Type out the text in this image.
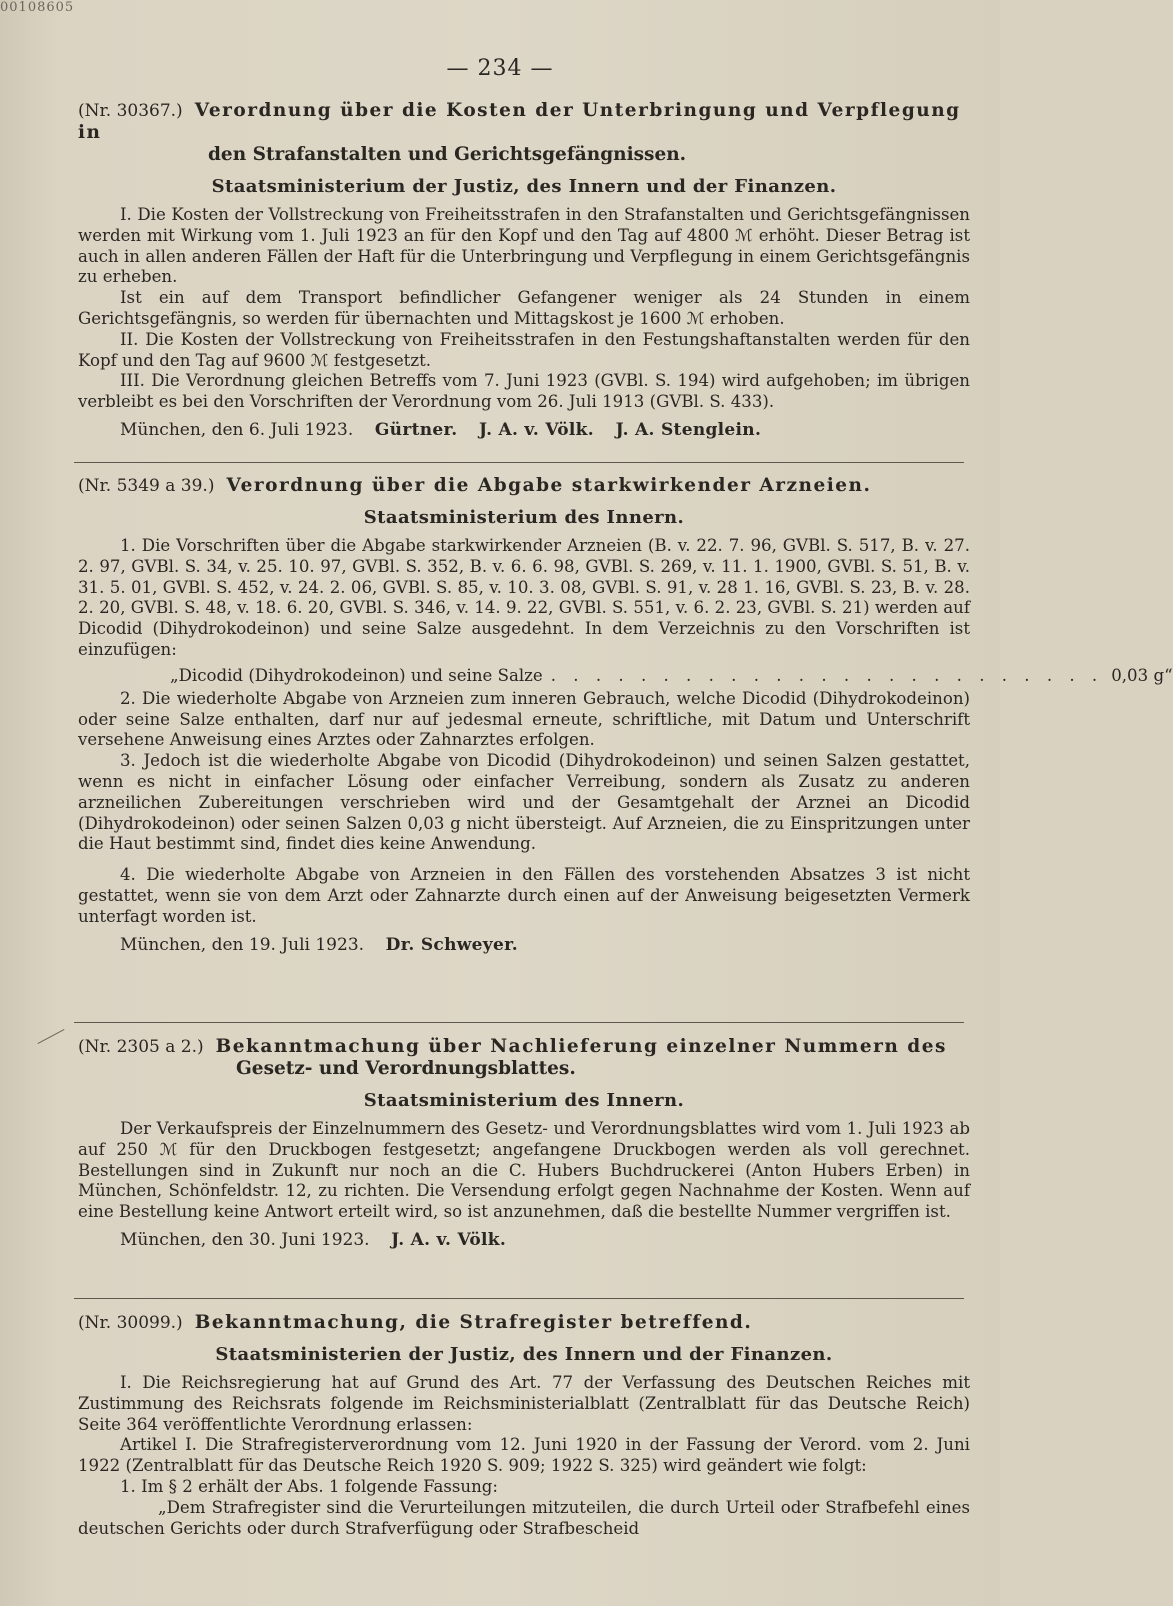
00108605
— 234 —
(Nr. 30367.) Verordnung über die Kosten der Unterbringung und Verpflegung in
den Strafanstalten und Gerichtsgefängnissen.
Staatsministerium der Justiz, des Innern und der Finanzen.

I. Die Kosten der Vollstreckung von Freiheitsstrafen in den Strafanstalten und Gerichtsgefängnissen werden mit Wirkung vom 1. Juli 1923 an für den Kopf und den Tag auf 4800 ℳ erhöht. Dieser Betrag ist auch in allen anderen Fällen der Haft für die Unterbringung und Verpflegung in einem Gerichtsgefängnis zu erheben.

Ist ein auf dem Transport befindlicher Gefangener weniger als 24 Stunden in einem Gerichtsgefängnis, so werden für übernachten und Mittagskost je 1600 ℳ erhoben.

II. Die Kosten der Vollstreckung von Freiheitsstrafen in den Festungshaftanstalten werden für den Kopf und den Tag auf 9600 ℳ festgesetzt.

III. Die Verordnung gleichen Betreffs vom 7. Juni 1923 (GVBl. S. 194) wird aufgehoben; im übrigen verbleibt es bei den Vorschriften der Verordnung vom 26. Juli 1913 (GVBl. S. 433).

München, den 6. Juli 1923. Gürtner. J. A. v. Völk. J. A. Stenglein.
(Nr. 5349 a 39.) Verordnung über die Abgabe starkwirkender Arzneien.
Staatsministerium des Innern.

1. Die Vorschriften über die Abgabe starkwirkender Arzneien (B. v. 22. 7. 96, GVBl. S. 517, B. v. 27. 2. 97, GVBl. S. 34, v. 25. 10. 97, GVBl. S. 352, B. v. 6. 6. 98, GVBl. S. 269, v. 11. 1. 1900, GVBl. S. 51, B. v. 31. 5. 01, GVBl. S. 452, v. 24. 2. 06, GVBl. S. 85, v. 10. 3. 08, GVBl. S. 91, v. 28 1. 16, GVBl. S. 23, B. v. 28. 2. 20, GVBl. S. 48, v. 18. 6. 20, GVBl. S. 346, v. 14. 9. 22, GVBl. S. 551, v. 6. 2. 23, GVBl. S. 21) werden auf Dicodid (Dihydrokodeinon) und seine Salze ausgedehnt. In dem Verzeichnis zu den Vorschriften ist einzufügen:

„Dicodid (Dihydrokodeinon) und seine Salze . . . . . . . . . . . . . . . . . . . . . . . . . 0,03 g“

2. Die wiederholte Abgabe von Arzneien zum inneren Gebrauch, welche Dicodid (Dihydrokodeinon) oder seine Salze enthalten, darf nur auf jedesmal erneute, schriftliche, mit Datum und Unterschrift versehene Anweisung eines Arztes oder Zahnarztes erfolgen.

3. Jedoch ist die wiederholte Abgabe von Dicodid (Dihydrokodeinon) und seinen Salzen gestattet, wenn es nicht in einfacher Lösung oder einfacher Verreibung, sondern als Zusatz zu anderen arzneilichen Zubereitungen verschrieben wird und der Gesamtgehalt der Arznei an Dicodid (Dihydrokodeinon) oder seinen Salzen 0,03 g nicht übersteigt. Auf Arzneien, die zu Einspritzungen unter die Haut bestimmt sind, findet dies keine Anwendung.

4. Die wiederholte Abgabe von Arzneien in den Fällen des vorstehenden Absatzes 3 ist nicht gestattet, wenn sie von dem Arzt oder Zahnarzte durch einen auf der Anweisung beigesetzten Vermerk unterfagt worden ist.

München, den 19. Juli 1923. Dr. Schweyer.
(Nr. 2305 a 2.) Bekanntmachung über Nachlieferung einzelner Nummern des
Gesetz- und Verordnungsblattes.
Staatsministerium des Innern.

Der Verkaufspreis der Einzelnummern des Gesetz- und Verordnungsblattes wird vom 1. Juli 1923 ab auf 250 ℳ für den Druckbogen festgesetzt; angefangene Druckbogen werden als voll gerechnet. Bestellungen sind in Zukunft nur noch an die C. Hubers Buchdruckerei (Anton Hubers Erben) in München, Schönfeldstr. 12, zu richten. Die Versendung erfolgt gegen Nachnahme der Kosten. Wenn auf eine Bestellung keine Antwort erteilt wird, so ist anzunehmen, daß die bestellte Nummer vergriffen ist.

München, den 30. Juni 1923. J. A. v. Völk.
(Nr. 30099.) Bekanntmachung, die Strafregister betreffend.
Staatsministerien der Justiz, des Innern und der Finanzen.

I. Die Reichsregierung hat auf Grund des Art. 77 der Verfassung des Deutschen Reiches mit Zustimmung des Reichsrats folgende im Reichsministerialblatt (Zentralblatt für das Deutsche Reich) Seite 364 veröffentlichte Verordnung erlassen:

Artikel I. Die Strafregisterverordnung vom 12. Juni 1920 in der Fassung der Verord. vom 2. Juni 1922 (Zentralblatt für das Deutsche Reich 1920 S. 909; 1922 S. 325) wird geändert wie folgt:

1. Im § 2 erhält der Abs. 1 folgende Fassung:

„Dem Strafregister sind die Verurteilungen mitzuteilen, die durch Urteil oder Strafbefehl eines deutschen Gerichts oder durch Strafverfügung oder Strafbescheid
